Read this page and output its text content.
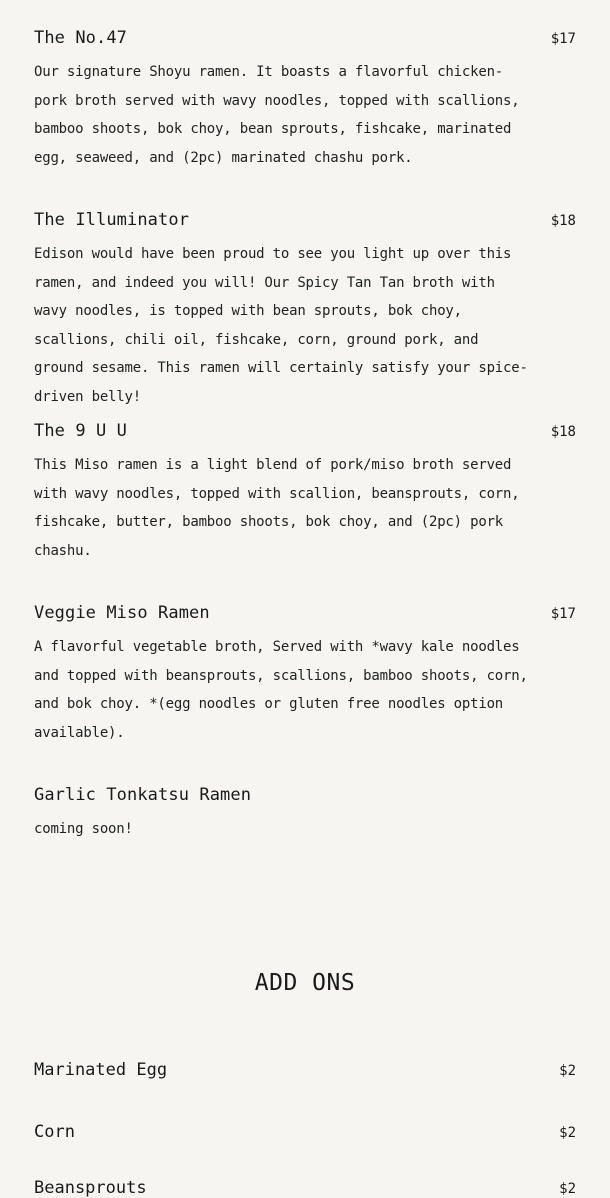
The No.47	$17
Our signature Shoyu ramen. It boasts a flavorful chicken-pork broth served with wavy noodles, topped with scallions, bamboo shoots, bok choy, bean sprouts, fishcake, marinated egg, seaweed, and (2pc) marinated chashu pork.
The Illuminator	$18
Edison would have been proud to see you light up over this ramen, and indeed you will! Our Spicy Tan Tan broth with wavy noodles, is topped with bean sprouts, bok choy, scallions, chili oil, fishcake, corn, ground pork, and ground sesame. This ramen will certainly satisfy your spice-driven belly!
The 9 U U	$18
This Miso ramen is a light blend of pork/miso broth served with wavy noodles, topped with scallion, beansprouts, corn, fishcake, butter, bamboo shoots, bok choy, and (2pc) pork chashu.
Veggie Miso Ramen	$17
A flavorful vegetable broth, Served with *wavy kale noodles and topped with beansprouts, scallions, bamboo shoots, corn, and bok choy. *(egg noodles or gluten free noodles option available).
Garlic Tonkatsu Ramen
coming soon!
ADD ONS
Marinated Egg	$2
Corn	$2
Beansprouts	$2
